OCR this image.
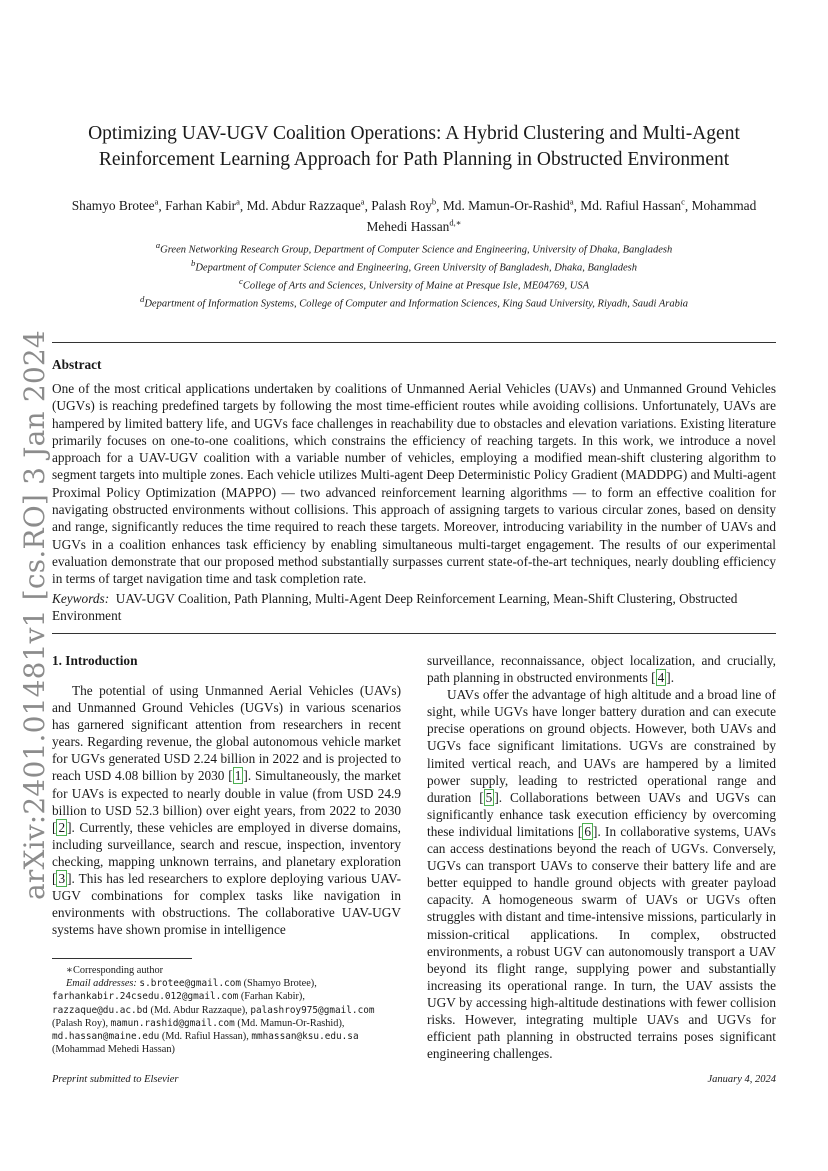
arXiv:2401.01481v1 [cs.RO] 3 Jan 2024
Optimizing UAV-UGV Coalition Operations: A Hybrid Clustering and Multi-Agent
Reinforcement Learning Approach for Path Planning in Obstructed Environment
Shamyo Brotee$^a$, Farhan Kabir$^a$, Md. Abdur Razzaque$^a$, Palash Roy$^b$, Md. Mamun-Or-Rashid$^a$, Md. Rafiul Hassan$^c$, Mohammad Mehedi Hassan$^{d,∗}$
$^a$Green Networking Research Group, Department of Computer Science and Engineering, University of Dhaka, Bangladesh
$^b$Department of Computer Science and Engineering, Green University of Bangladesh, Dhaka, Bangladesh
$^c$College of Arts and Sciences, University of Maine at Presque Isle, ME04769, USA
$^d$Department of Information Systems, College of Computer and Information Sciences, King Saud University, Riyadh, Saudi Arabia
Abstract
One of the most critical applications undertaken by coalitions of Unmanned Aerial Vehicles (UAVs) and Unmanned Ground Vehicles (UGVs) is reaching predefined targets by following the most time-efficient routes while avoiding collisions. Unfortunately, UAVs are hampered by limited battery life, and UGVs face challenges in reachability due to obstacles and elevation variations. Existing literature primarily focuses on one-to-one coalitions, which constrains the efficiency of reaching targets. In this work, we introduce a novel approach for a UAV-UGV coalition with a variable number of vehicles, employing a modified mean-shift clustering algorithm to segment targets into multiple zones. Each vehicle utilizes Multi-agent Deep Deterministic Policy Gradient (MADDPG) and Multi-agent Proximal Policy Optimization (MAPPO) — two advanced reinforcement learning algorithms — to form an effective coalition for navigating obstructed environments without collisions. This approach of assigning targets to various circular zones, based on density and range, significantly reduces the time required to reach these targets. Moreover, introducing variability in the number of UAVs and UGVs in a coalition enhances task efficiency by enabling simultaneous multi-target engagement. The results of our experimental evaluation demonstrate that our proposed method substantially surpasses current state-of-the-art techniques, nearly doubling efficiency in terms of target navigation time and task completion rate.
Keywords: UAV-UGV Coalition, Path Planning, Multi-Agent Deep Reinforcement Learning, Mean-Shift Clustering, Obstructed Environment
1. Introduction

The potential of using Unmanned Aerial Vehicles (UAVs) and Unmanned Ground Vehicles (UGVs) in various scenarios has garnered significant attention from researchers in recent years. Regarding revenue, the global autonomous vehicle market for UGVs generated USD 2.24 billion in 2022 and is projected to reach USD 4.08 billion by 2030 [ 1 ]. Simultaneously, the market for UAVs is expected to nearly double in value (from USD 24.9 billion to USD 52.3 billion) over eight years, from 2022 to 2030 [ 2 ]. Currently, these vehicles are employed in diverse domains, including surveillance, search and rescue, inspection, inventory checking, mapping unknown terrains, and planetary exploration [ 3 ]. This has led researchers to explore deploying various UAV-UGV combinations for complex tasks like navigation in environments with obstructions. The collaborative UAV-UGV systems have shown promise in intelligence

∗Corresponding author
Email addresses: s.brotee@gmail.com (Shamyo Brotee),
farhankabir.24csedu.012@gmail.com (Farhan Kabir),
razzaque@du.ac.bd (Md. Abdur Razzaque), palashroy975@gmail.com
(Palash Roy), mamun.rashid@gmail.com (Md. Mamun-Or-Rashid),
md.hassan@maine.edu (Md. Rafiul Hassan), mmhassan@ksu.edu.sa
(Mohammad Mehedi Hassan)

surveillance, reconnaissance, object localization, and crucially, path planning in obstructed environments [ 4 ].

UAVs offer the advantage of high altitude and a broad line of sight, while UGVs have longer battery duration and can execute precise operations on ground objects. However, both UAVs and UGVs face significant limitations. UGVs are constrained by limited vertical reach, and UAVs are hampered by a limited power supply, leading to restricted operational range and duration [ 5 ]. Collaborations between UAVs and UGVs can significantly enhance task execution efficiency by overcoming these individual limitations [ 6 ]. In collaborative systems, UAVs can access destinations beyond the reach of UGVs. Conversely, UGVs can transport UAVs to conserve their battery life and are better equipped to handle ground objects with greater payload capacity. A homogeneous swarm of UAVs or UGVs often struggles with distant and time-intensive missions, particularly in mission-critical applications. In complex, obstructed environments, a robust UGV can autonomously transport a UAV beyond its flight range, supplying power and substantially increasing its operational range. In turn, the UAV assists the UGV by accessing high-altitude destinations with fewer collision risks. However, integrating multiple UAVs and UGVs for efficient path planning in obstructed terrains poses significant engineering challenges.

Preprint submitted to Elsevier	January 4, 2024
